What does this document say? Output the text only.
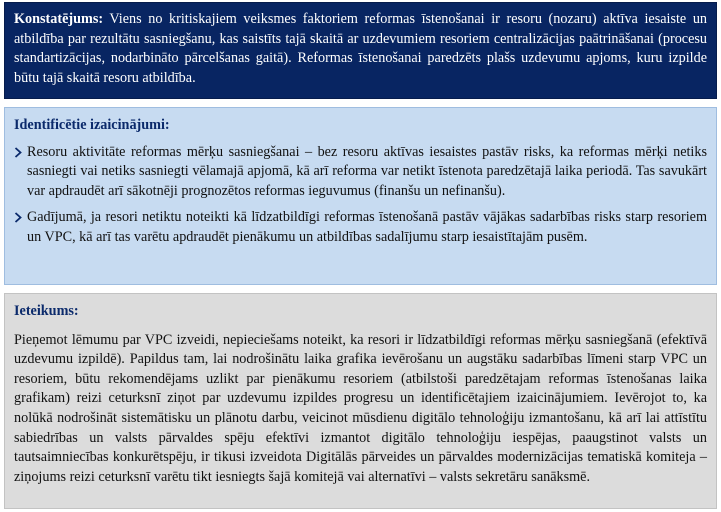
Konstatējums: Viens no kritiskajiem veiksmes faktoriem reformas īstenošanai ir resoru (nozaru) aktīva iesaiste un atbildība par rezultātu sasniegšanu, kas saistīts tajā skaitā ar uzdevumiem resoriem centralizācijas paātrināšanai (procesu standartizācijas, nodarbināto pārcelšanas gaitā). Reformas īstenošanai paredzēts plašs uzdevumu apjoms, kuru izpilde būtu tajā skaitā resoru atbildība.

Identificētie izaicinājumi:
Resoru aktivitāte reformas mērķu sasniegšanai – bez resoru aktīvas iesaistes pastāv risks, ka reformas mērķi netiks sasniegti vai netiks sasniegti vēlamajā apjomā, kā arī reforma var netikt īstenota paredzētajā laika periodā. Tas savukārt var apdraudēt arī sākotnēji prognozētos reformas ieguvumus (finanšu un nefinanšu).
Gadījumā, ja resori netiktu noteikti kā līdzatbildīgi reformas īstenošanā pastāv vājākas sadarbības risks starp resoriem un VPC, kā arī tas varētu apdraudēt pienākumu un atbildības sadalījumu starp iesaistītajām pusēm.
Ieteikums:

Pieņemot lēmumu par VPC izveidi, nepieciešams noteikt, ka resori ir līdzatbildīgi reformas mērķu sasniegšanā (efektīvā uzdevumu izpildē). Papildus tam, lai nodrošinātu laika grafika ievērošanu un augstāku sadarbības līmeni starp VPC un resoriem, būtu rekomendējams uzlikt par pienākumu resoriem (atbilstoši paredzētajam reformas īstenošanas laika grafikam) reizi ceturksnī ziņot par uzdevumu izpildes progresu un identificētajiem izaicinājumiem. Ievērojot to, ka nolūkā nodrošināt sistemātisku un plānotu darbu, veicinot mūsdienu digitālo tehnoloģiju izmantošanu, kā arī lai attīstītu sabiedrības un valsts pārvaldes spēju efektīvi izmantot digitālo tehnoloģiju iespējas, paaugstinot valsts un tautsaimniecības konkurētspēju, ir tikusi izveidota Digitālās pārveides un pārvaldes modernizācijas tematiskā komiteja – ziņojums reizi ceturksnī varētu tikt iesniegts šajā komitejā vai alternatīvi – valsts sekretāru sanāksmē.
